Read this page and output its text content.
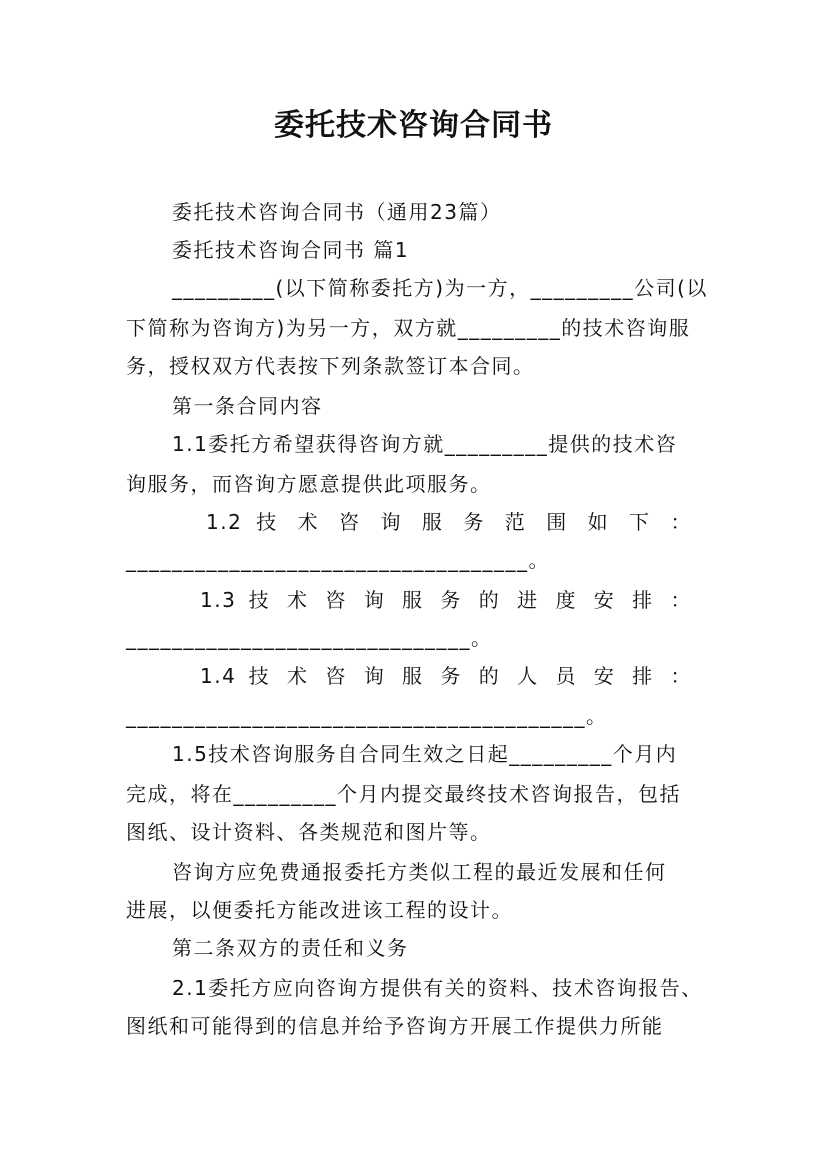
委托技术咨询合同书
委托技术咨询合同书（通用23篇）
委托技术咨询合同书 篇1
_________(以下简称委托方)为一方，_________公司(以
下简称为咨询方)为另一方，双方就_________的技术咨询服
务，授权双方代表按下列条款签订本合同。
第一条合同内容
1.1委托方希望获得咨询方就_________提供的技术咨
询服务，而咨询方愿意提供此项服务。
1.2 技 术 咨 询 服 务 范 围 如 下 ：
___________________________________。
1.3 技 术 咨 询 服 务 的 进 度 安 排 ：
______________________________。
1.4 技 术 咨 询 服 务 的 人 员 安 排 ：
________________________________________。
1.5技术咨询服务自合同生效之日起_________个月内
完成，将在_________个月内提交最终技术咨询报告，包括
图纸、设计资料、各类规范和图片等。
咨询方应免费通报委托方类似工程的最近发展和任何
进展，以便委托方能改进该工程的设计。
第二条双方的责任和义务
2.1委托方应向咨询方提供有关的资料、技术咨询报告、
图纸和可能得到的信息并给予咨询方开展工作提供力所能
